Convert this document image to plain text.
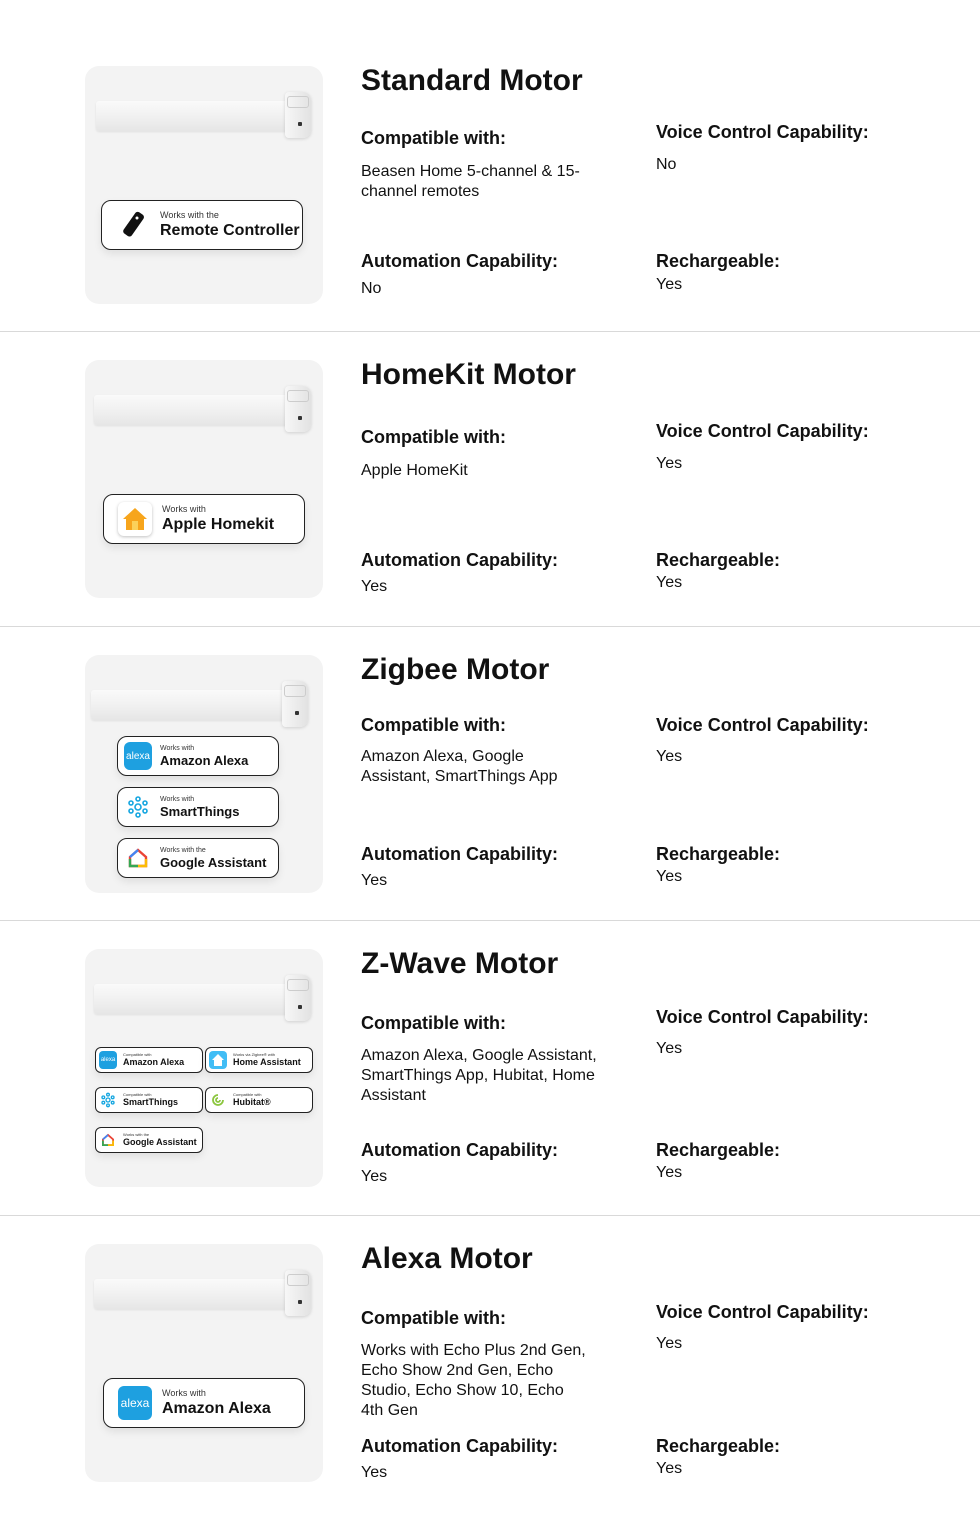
Works with the
Remote Controller
Standard Motor
Compatible with:
Beasen Home 5-channel & 15-channel remotes
Voice Control Capability:
No
Automation Capability:
No
Rechargeable:
Yes
Works with
Apple Homekit
HomeKit Motor
Compatible with:
Apple HomeKit
Voice Control Capability:
Yes
Automation Capability:
Yes
Rechargeable:
Yes
alexa
Works with
Amazon Alexa
Works with
SmartThings
Works with the
Google Assistant
Zigbee Motor
Compatible with:
Amazon Alexa, Google Assistant, SmartThings App
Voice Control Capability:
Yes
Automation Capability:
Yes
Rechargeable:
Yes
alexa
Compatible with
Amazon Alexa
Works via Zigbee® with
Home Assistant
Compatible with
SmartThings
Compatible with
Hubitat®
Works with the
Google Assistant
Z-Wave Motor
Compatible with:
Amazon Alexa, Google Assistant, SmartThings App, Hubitat, Home Assistant
Voice Control Capability:
Yes
Automation Capability:
Yes
Rechargeable:
Yes
alexa
Works with
Amazon Alexa
Alexa Motor
Compatible with:
Works with Echo Plus 2nd Gen, Echo Show 2nd Gen, Echo Studio, Echo Show 10, Echo 4th Gen
Voice Control Capability:
Yes
Automation Capability:
Yes
Rechargeable:
Yes
